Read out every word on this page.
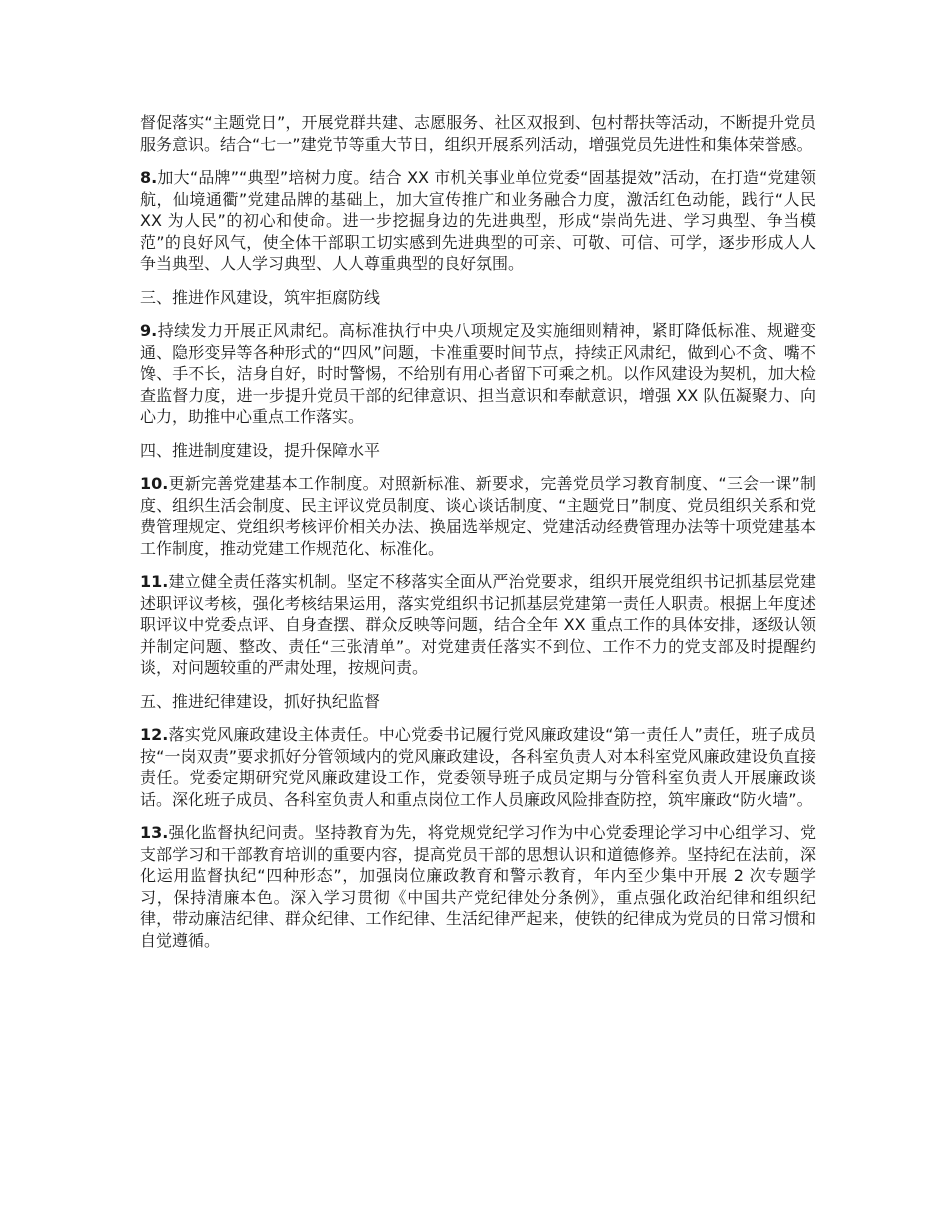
督促落实“主题党日”，开展党群共建、志愿服务、社区双报到、包村帮扶等活动，不断提升党员服务意识。结合“七一”建党节等重大节日，组织开展系列活动，增强党员先进性和集体荣誉感。

8.加大“品牌”“典型”培树力度。结合 XX 市机关事业单位党委“固基提效”活动，在打造“党建领航，仙境通衢”党建品牌的基础上，加大宣传推广和业务融合力度，激活红色动能，践行“人民 XX 为人民”的初心和使命。进一步挖掘身边的先进典型，形成“崇尚先进、学习典型、争当模范”的良好风气，使全体干部职工切实感到先进典型的可亲、可敬、可信、可学，逐步形成人人争当典型、人人学习典型、人人尊重典型的良好氛围。

三、推进作风建设，筑牢拒腐防线

9.持续发力开展正风肃纪。高标准执行中央八项规定及实施细则精神，紧盯降低标准、规避变通、隐形变异等各种形式的“四风”问题，卡准重要时间节点，持续正风肃纪，做到心不贪、嘴不馋、手不长，洁身自好，时时警惕，不给别有用心者留下可乘之机。以作风建设为契机，加大检查监督力度，进一步提升党员干部的纪律意识、担当意识和奉献意识，增强 XX 队伍凝聚力、向心力，助推中心重点工作落实。

四、推进制度建设，提升保障水平

10.更新完善党建基本工作制度。对照新标准、新要求，完善党员学习教育制度、“三会一课”制度、组织生活会制度、民主评议党员制度、谈心谈话制度、“主题党日”制度、党员组织关系和党费管理规定、党组织考核评价相关办法、换届选举规定、党建活动经费管理办法等十项党建基本工作制度，推动党建工作规范化、标准化。

11.建立健全责任落实机制。坚定不移落实全面从严治党要求，组织开展党组织书记抓基层党建述职评议考核，强化考核结果运用，落实党组织书记抓基层党建第一责任人职责。根据上年度述职评议中党委点评、自身查摆、群众反映等问题，结合全年 XX 重点工作的具体安排，逐级认领并制定问题、整改、责任“三张清单”。对党建责任落实不到位、工作不力的党支部及时提醒约谈，对问题较重的严肃处理，按规问责。

五、推进纪律建设，抓好执纪监督

12.落实党风廉政建设主体责任。中心党委书记履行党风廉政建设“第一责任人”责任，班子成员按“一岗双责”要求抓好分管领域内的党风廉政建设，各科室负责人对本科室党风廉政建设负直接责任。党委定期研究党风廉政建设工作，党委领导班子成员定期与分管科室负责人开展廉政谈话。深化班子成员、各科室负责人和重点岗位工作人员廉政风险排查防控，筑牢廉政“防火墙”。

13.强化监督执纪问责。坚持教育为先，将党规党纪学习作为中心党委理论学习中心组学习、党支部学习和干部教育培训的重要内容，提高党员干部的思想认识和道德修养。坚持纪在法前，深化运用监督执纪“四种形态”，加强岗位廉政教育和警示教育，年内至少集中开展 2 次专题学习，保持清廉本色。深入学习贯彻《中国共产党纪律处分条例》，重点强化政治纪律和组织纪律，带动廉洁纪律、群众纪律、工作纪律、生活纪律严起来，使铁的纪律成为党员的日常习惯和自觉遵循。
